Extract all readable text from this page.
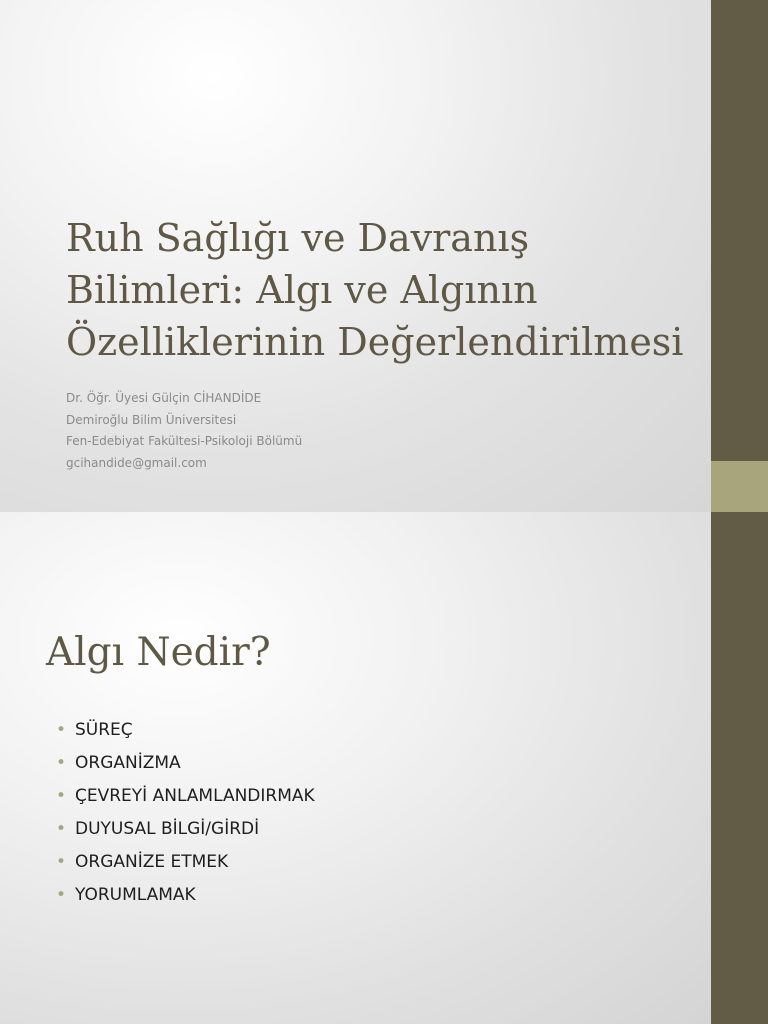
Ruh Sağlığı ve Davranış
Bilimleri: Algı ve Algının
Özelliklerinin Değerlendirilmesi
Dr. Öğr. Üyesi Gülçin CİHANDİDE
Demiroğlu Bilim Üniversitesi
Fen-Edebiyat Fakültesi-Psikoloji Bölümü
gcihandide@gmail.com
Algı Nedir?
• SÜREÇ
• ORGANİZMA
• ÇEVREYİ ANLAMLANDIRMAK
• DUYUSAL BİLGİ/GİRDİ
• ORGANİZE ETMEK
• YORUMLAMAK
